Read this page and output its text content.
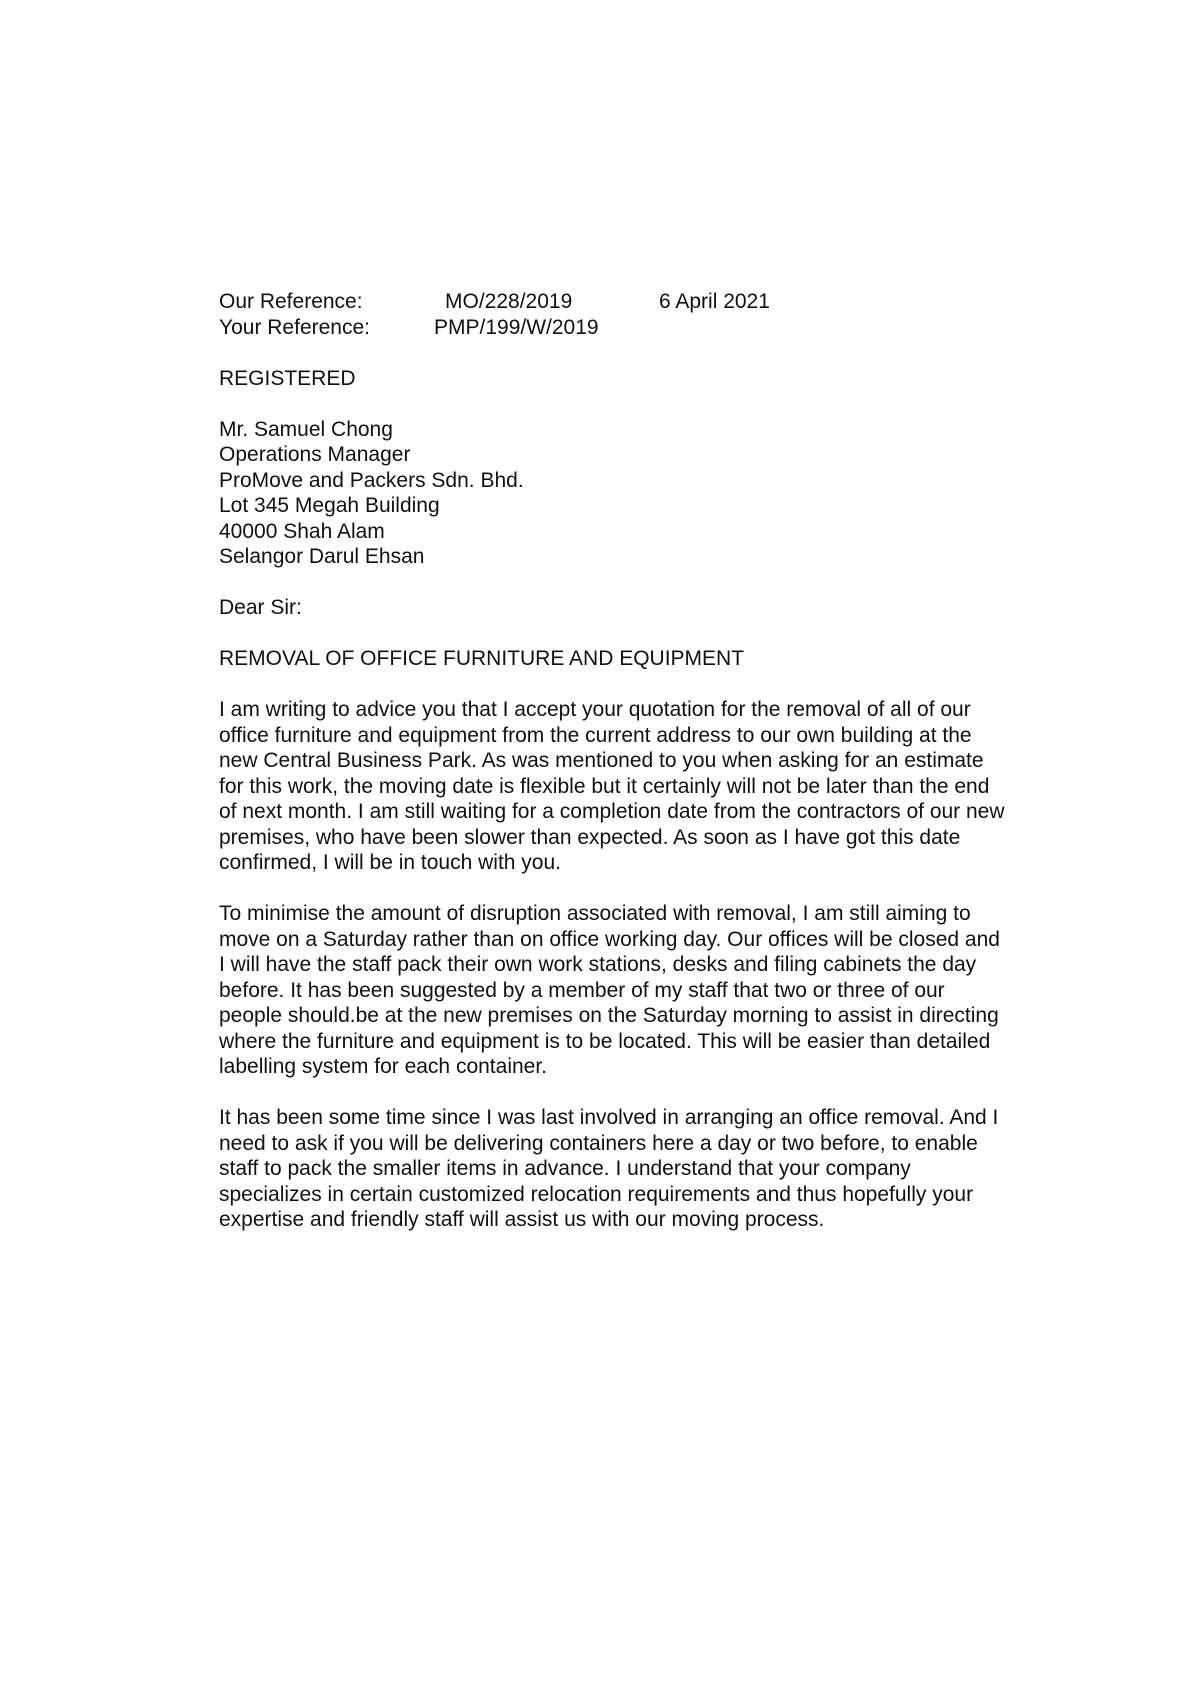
Our Reference:	MO/228/2019	6 April 2021
Your Reference:	PMP/199/W/2019
REGISTERED
Mr. Samuel Chong
Operations Manager
ProMove and Packers Sdn. Bhd.
Lot 345 Megah Building
40000 Shah Alam
Selangor Darul Ehsan
Dear Sir:
REMOVAL OF OFFICE FURNITURE AND EQUIPMENT
I am writing to advice you that I accept your quotation for the removal of all of our
office furniture and equipment from the current address to our own building at the
new Central Business Park. As was mentioned to you when asking for an estimate
for this work, the moving date is flexible but it certainly will not be later than the end
of next month. I am still waiting for a completion date from the contractors of our new
premises, who have been slower than expected. As soon as I have got this date
confirmed, I will be in touch with you.
To minimise the amount of disruption associated with removal, I am still aiming to
move on a Saturday rather than on office working day. Our offices will be closed and
I will have the staff pack their own work stations, desks and filing cabinets the day
before. It has been suggested by a member of my staff that two or three of our
people should.be at the new premises on the Saturday morning to assist in directing
where the furniture and equipment is to be located. This will be easier than detailed
labelling system for each container.
It has been some time since I was last involved in arranging an office removal. And I
need to ask if you will be delivering containers here a day or two before, to enable
staff to pack the smaller items in advance. I understand that your company
specializes in certain customized relocation requirements and thus hopefully your
expertise and friendly staff will assist us with our moving process.
